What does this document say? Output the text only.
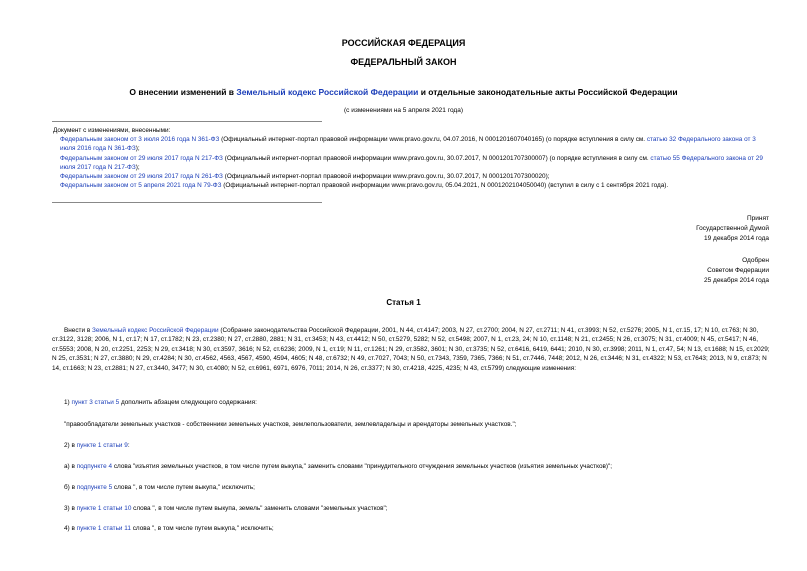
РОССИЙСКАЯ ФЕДЕРАЦИЯ
ФЕДЕРАЛЬНЫЙ ЗАКОН
О внесении изменений в Земельный кодекс Российской Федерации и отдельные законодательные акты Российской Федерации
(с изменениями на 5 апреля 2021 года)
Документ с изменениями, внесенными:
Федеральным законом от 3 июля 2016 года N 361-ФЗ (Официальный интернет-портал правовой информации www.pravo.gov.ru, 04.07.2016, N 0001201607040165) (о порядке вступления в силу см. статью 32 Федерального закона от 3 июля 2016 года N 361-ФЗ);
Федеральным законом от 29 июля 2017 года N 217-ФЗ (Официальный интернет-портал правовой информации www.pravo.gov.ru, 30.07.2017, N 0001201707300007) (о порядке вступления в силу см. статью 55 Федерального закона от 29 июля 2017 года N 217-ФЗ);
Федеральным законом от 29 июля 2017 года N 261-ФЗ (Официальный интернет-портал правовой информации www.pravo.gov.ru, 30.07.2017, N 0001201707300020);
Федеральным законом от 5 апреля 2021 года N 79-ФЗ (Официальный интернет-портал правовой информации www.pravo.gov.ru, 05.04.2021, N 0001202104050040) (вступил в силу с 1 сентября 2021 года).
Принят
Государственной Думой
19 декабря 2014 года
Одобрен
Советом Федерации
25 декабря 2014 года
Статья 1
Внести в Земельный кодекс Российской Федерации (Собрание законодательства Российской Федерации, 2001, N 44, ст.4147; 2003, N 27, ст.2700; 2004, N 27, ст.2711; N 41, ст.3993; N 52, ст.5276; 2005, N 1, ст.15, 17; N 10, ст.763; N 30, ст.3122, 3128; 2006, N 1, ст.17; N 17, ст.1782; N 23, ст.2380; N 27, ст.2880, 2881; N 31, ст.3453; N 43, ст.4412; N 50, ст.5279, 5282; N 52, ст.5498; 2007, N 1, ст.23, 24; N 10, ст.1148; N 21, ст.2455; N 26, ст.3075; N 31, ст.4009; N 45, ст.5417; N 46, ст.5553; 2008, N 20, ст.2251, 2253; N 29, ст.3418; N 30, ст.3597, 3616; N 52, ст.6236; 2009, N 1, ст.19; N 11, ст.1261; N 29, ст.3582, 3601; N 30, ст.3735; N 52, ст.6416, 6419, 6441; 2010, N 30, ст.3998; 2011, N 1, ст.47, 54; N 13, ст.1688; N 15, ст.2029; N 25, ст.3531; N 27, ст.3880; N 29, ст.4284; N 30, ст.4562, 4563, 4567, 4590, 4594, 4605; N 48, ст.6732; N 49, ст.7027, 7043; N 50, ст.7343, 7359, 7365, 7366; N 51, ст.7446, 7448; 2012, N 26, ст.3446; N 31, ст.4322; N 53, ст.7643; 2013, N 9, ст.873; N 14, ст.1663; N 23, ст.2881; N 27, ст.3440, 3477; N 30, ст.4080; N 52, ст.6961, 6971, 6976, 7011; 2014, N 26, ст.3377; N 30, ст.4218, 4225, 4235; N 43, ст.5799) следующие изменения:
1) пункт 3 статьи 5 дополнить абзацем следующего содержания:
"правообладатели земельных участков - собственники земельных участков, землепользователи, землевладельцы и арендаторы земельных участков.";
2) в пункте 1 статьи 9:
а) в подпункте 4 слова "изъятия земельных участков, в том числе путем выкупа," заменить словами "принудительного отчуждения земельных участков (изъятия земельных участков)";
б) в подпункте 5 слова ", в том числе путем выкупа," исключить;
3) в пункте 1 статьи 10 слова ", в том числе путем выкупа, земель" заменить словами "земельных участков";
4) в пункте 1 статьи 11 слова ", в том числе путем выкупа," исключить;
